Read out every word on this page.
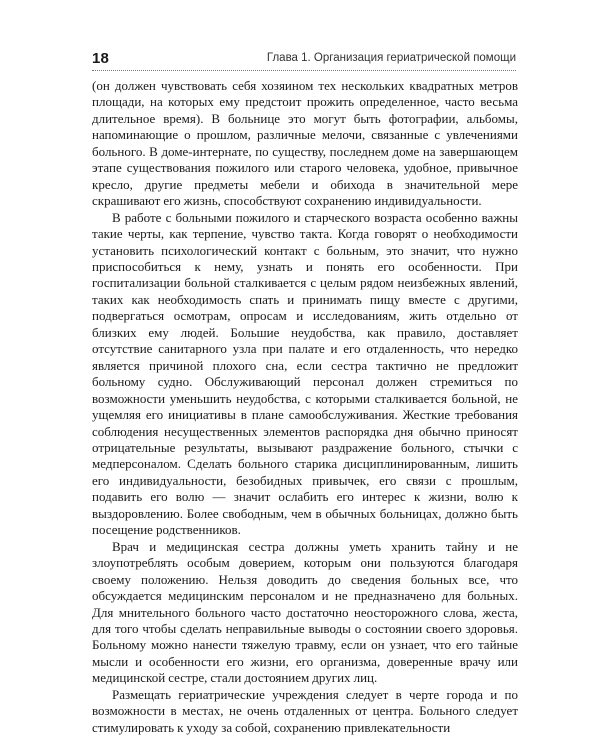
18	Глава 1. Организация гериатрической помощи

(он должен чувствовать себя хозяином тех нескольких квадратных метров площади, на которых ему предстоит прожить определенное, часто весьма длительное время). В больнице это могут быть фотографии, альбомы, напоминающие о прошлом, различные мелочи, связанные с увлечениями больного. В доме-интернате, по существу, последнем доме на завершающем этапе существования пожилого или старого человека, удобное, привычное кресло, другие предметы мебели и обихода в значительной мере скрашивают его жизнь, способствуют сохранению индивидуальности.

В работе с больными пожилого и старческого возраста особенно важны такие черты, как терпение, чувство такта. Когда говорят о необходимости установить психологический контакт с больным, это значит, что нужно приспособиться к нему, узнать и понять его особенности. При госпитализации больной сталкивается с целым рядом неизбежных явлений, таких как необходимость спать и принимать пищу вместе с другими, подвергаться осмотрам, опросам и исследованиям, жить отдельно от близких ему людей. Большие неудобства, как правило, доставляет отсутствие санитарного узла при палате и его отдаленность, что нередко является причиной плохого сна, если сестра тактично не предложит больному судно. Обслуживающий персонал должен стремиться по возможности уменьшить неудобства, с которыми сталкивается больной, не ущемляя его инициативы в плане самообслуживания. Жесткие требования соблюдения несущественных элементов распорядка дня обычно приносят отрицательные результаты, вызывают раздражение больного, стычки с медперсоналом. Сделать больного старика дисциплинированным, лишить его индивидуальности, безобидных привычек, его связи с прошлым, подавить его волю — значит ослабить его интерес к жизни, волю к выздоровлению. Более свободным, чем в обычных больницах, должно быть посещение родственников.

Врач и медицинская сестра должны уметь хранить тайну и не злоупотреблять особым доверием, которым они пользуются благодаря своему положению. Нельзя доводить до сведения больных все, что обсуждается медицинским персоналом и не предназначено для больных. Для мнительного больного часто достаточно неосторожного слова, жеста, для того чтобы сделать неправильные выводы о состоянии своего здоровья. Больному можно нанести тяжелую травму, если он узнает, что его тайные мысли и особенности его жизни, его организма, доверенные врачу или медицинской сестре, стали достоянием других лиц.

Размещать гериатрические учреждения следует в черте города и по возможности в местах, не очень отдаленных от центра. Больного следует стимулировать к уходу за собой, сохранению привлекательности
